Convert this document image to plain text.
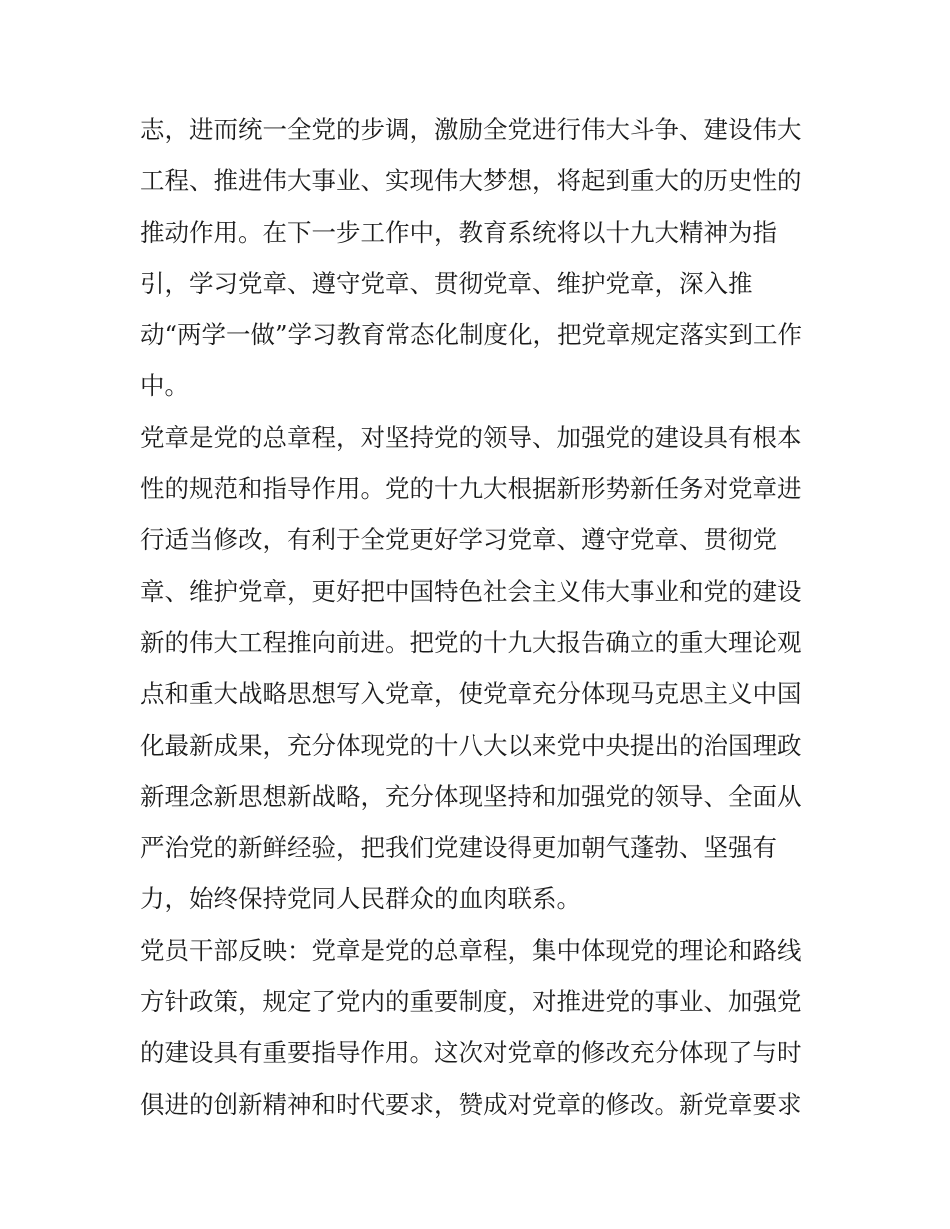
志，进而统一全党的步调，激励全党进行伟大斗争、建设伟大
工程、推进伟大事业、实现伟大梦想，将起到重大的历史性的
推动作用。在下一步工作中，教育系统将以十九大精神为指
引，学习党章、遵守党章、贯彻党章、维护党章，深入推
动“两学一做”学习教育常态化制度化，把党章规定落实到工作
中。
党章是党的总章程，对坚持党的领导、加强党的建设具有根本
性的规范和指导作用。党的十九大根据新形势新任务对党章进
行适当修改，有利于全党更好学习党章、遵守党章、贯彻党
章、维护党章，更好把中国特色社会主义伟大事业和党的建设
新的伟大工程推向前进。把党的十九大报告确立的重大理论观
点和重大战略思想写入党章，使党章充分体现马克思主义中国
化最新成果，充分体现党的十八大以来党中央提出的治国理政
新理念新思想新战略，充分体现坚持和加强党的领导、全面从
严治党的新鲜经验，把我们党建设得更加朝气蓬勃、坚强有
力，始终保持党同人民群众的血肉联系。
党员干部反映：党章是党的总章程，集中体现党的理论和路线
方针政策，规定了党内的重要制度，对推进党的事业、加强党
的建设具有重要指导作用。这次对党章的修改充分体现了与时
俱进的创新精神和时代要求，赞成对党章的修改。新党章要求
